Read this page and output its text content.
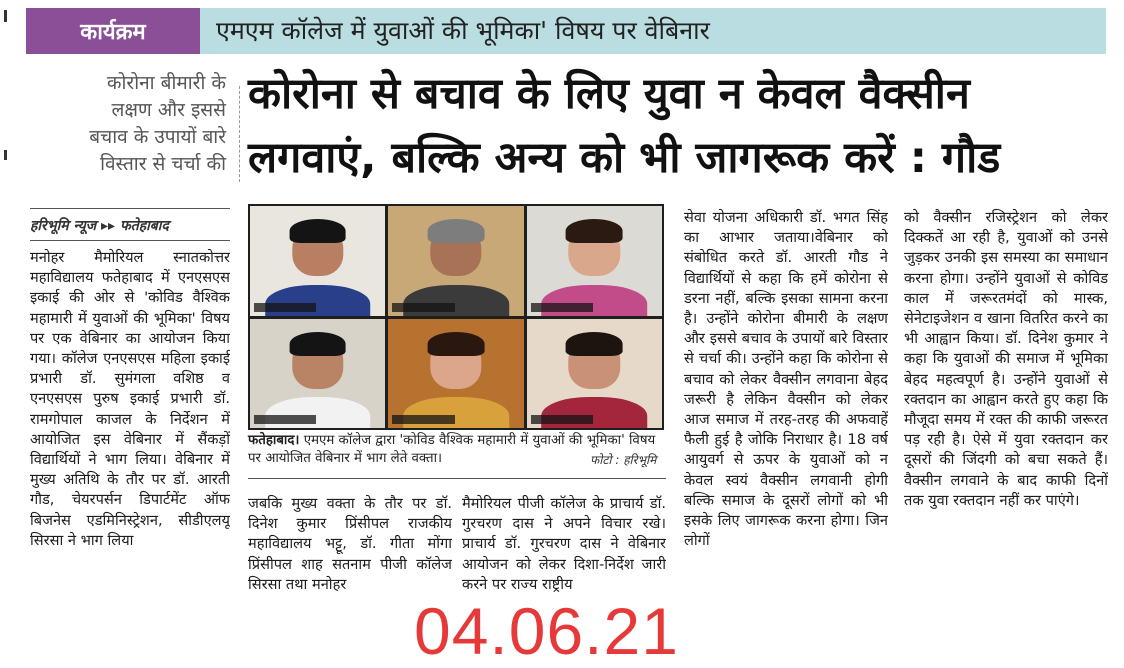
कार्यक्रम	एमएम कॉलेज में युवाओं की भूमिका' विषय पर वेबिनार
कोरोना बीमारी के
लक्षण और इससे
बचाव के उपायों बारे
विस्तार से चर्चा की
कोरोना से बचाव के लिए युवा न केवल वैक्सीन
लगवाएं, बल्कि अन्य को भी जागरूक करें : गौड
हरिभूमि न्यूज ▸▸ फतेहाबाद
मनोहर मैमोरियल स्नातकोत्तर महाविद्यालय फतेहाबाद में एनएसएस इकाई की ओर से 'कोविड वैश्विक महामारी में युवाओं की भूमिका' विषय पर एक वेबिनार का आयोजन किया गया। कॉलेज एनएसएस महिला इकाई प्रभारी डॉ. सुमंगला वशिष्ठ व एनएसएस पुरुष इकाई प्रभारी डॉ. रामगोपाल काजल के निर्देशन में आयोजित इस वेबिनार में सैंकड़ों विद्यार्थियों ने भाग लिया। वेबिनार में मुख्य अतिथि के तौर पर डॉ. आरती गौड, चेयरपर्सन डिपार्टमेंट ऑफ बिजनेस एडमिनिस्ट्रेशन, सीडीएलयू सिरसा ने भाग लिया
फतेहाबाद। एमएम कॉलेज द्वारा 'कोविड वैश्विक महामारी में युवाओं की भूमिका' विषय पर आयोजित वेबिनार में भाग लेते वक्ता।	फोटो : हरिभूमि
जबकि मुख्य वक्ता के तौर पर डॉ. दिनेश कुमार प्रिंसीपल राजकीय महाविद्यालय भट्टू, डॉ. गीता मोंगा प्रिंसीपल शाह सतनाम पीजी कॉलेज सिरसा तथा मनोहर
मैमोरियल पीजी कॉलेज के प्राचार्य डॉ. गुरचरण दास ने अपने विचार रखे। प्राचार्य डॉ. गुरचरण दास ने वेबिनार आयोजन को लेकर दिशा-निर्देश जारी करने पर राज्य राष्ट्रीय
सेवा योजना अधिकारी डॉ. भगत सिंह का आभार जताया।वेबिनार को संबोधित करते डॉ. आरती गौड ने विद्यार्थियों से कहा कि हमें कोरोना से डरना नहीं, बल्कि इसका सामना करना है। उन्होंने कोरोना बीमारी के लक्षण और इससे बचाव के उपायों बारे विस्तार से चर्चा की। उन्होंने कहा कि कोरोना से बचाव को लेकर वैक्सीन लगवाना बेहद जरूरी है लेकिन वैक्सीन को लेकर आज समाज में तरह-तरह की अफवाहें फैली हुई है जोकि निराधार है। 18 वर्ष आयुवर्ग से ऊपर के युवाओं को न केवल स्वयं वैक्सीन लगवानी होगी बल्कि समाज के दूसरों लोगों को भी इसके लिए जागरूक करना होगा। जिन लोगों
को वैक्सीन रजिस्ट्रेशन को लेकर दिक्कतें आ रही है, युवाओं को उनसे जुड़कर उनकी इस समस्या का समाधान करना होगा। उन्होंने युवाओं से कोविड काल में जरूरतमंदों को मास्क, सेनेटाइजेशन व खाना वितरित करने का भी आह्वान किया। डॉ. दिनेश कुमार ने कहा कि युवाओं की समाज में भूमिका बेहद महत्वपूर्ण है। उन्होंने युवाओं से रक्तदान का आह्वान करते हुए कहा कि मौजूदा समय में रक्त की काफी जरूरत पड़ रही है। ऐसे में युवा रक्तदान कर दूसरों की जिंदगी को बचा सकते हैं। वैक्सीन लगवाने के बाद काफी दिनों तक युवा रक्तदान नहीं कर पाएंगे।
04.06.21
